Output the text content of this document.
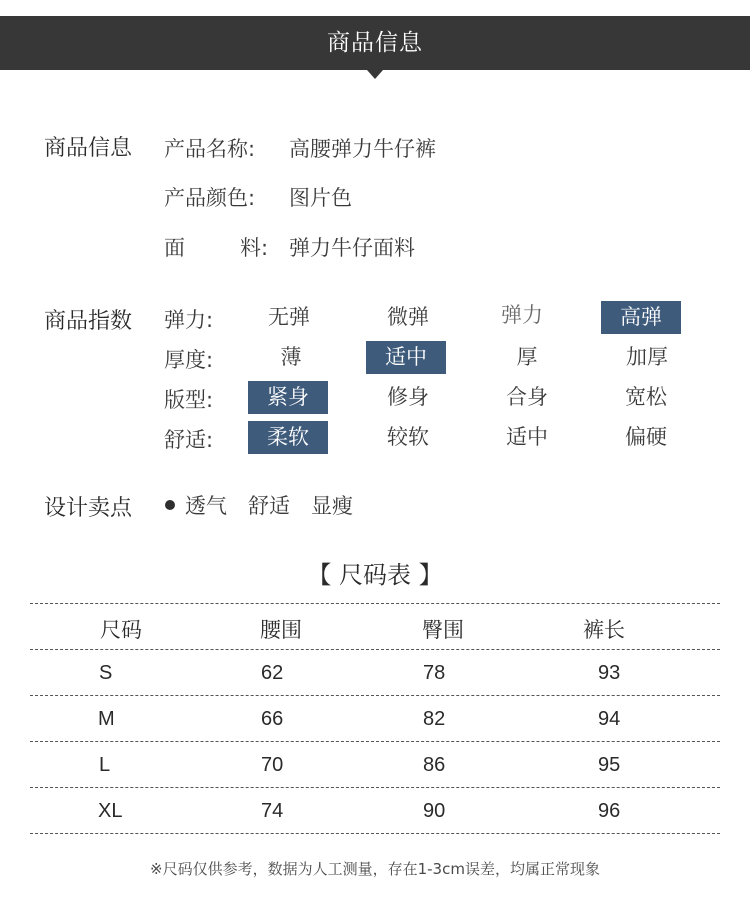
商品信息
商品信息 产品名称: 高腰弹力牛仔裤
产品颜色: 图片色
面	料: 弹力牛仔面料
商品指数 弹力:	无弹	微弹	弹力	高弹
厚度:	薄	适中	厚	加厚
版型:	紧身	修身	合身	宽松
舒适:	柔软	较软	适中	偏硬
设计卖点	透气 舒适 显瘦
【 尺码表 】
尺码	腰围	臀围	裤长
S	62	78	93
M	66	82	94
L	70	86	95
XL	74	90	96
※尺码仅供参考，数据为人工测量，存在1-3cm误差，均属正常现象
